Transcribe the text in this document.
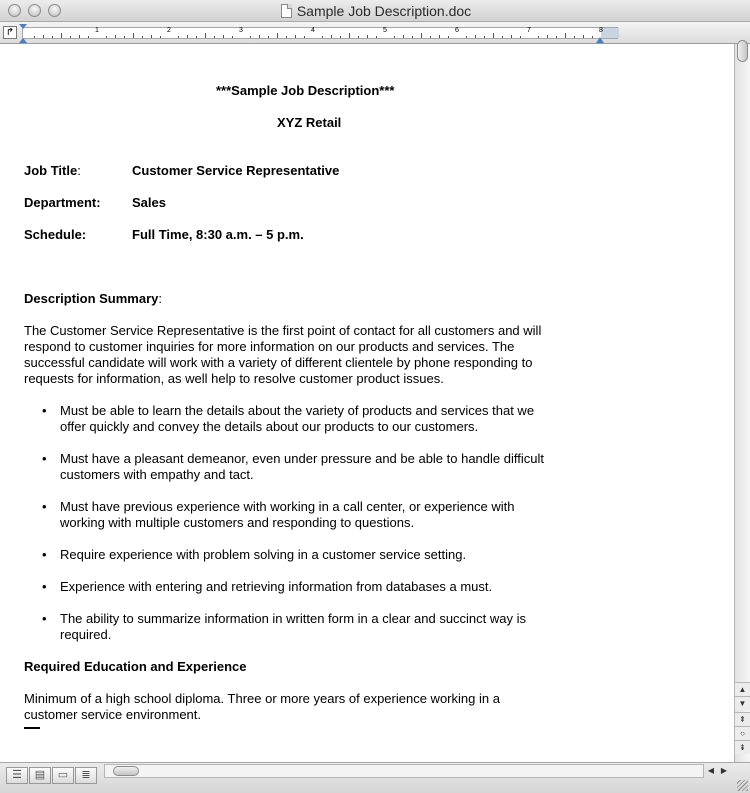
Sample Job Description.doc
↱	1	2	3	4	5	6	7	8
***Sample Job Description***
XYZ Retail
Job Title:	Customer Service Representative
Department: Sales
Schedule:	Full Time, 8:30 a.m. – 5 p.m.
Description Summary:
The Customer Service Representative is the first point of contact for all customers and will
respond to customer inquiries for more information on our products and services. The
successful candidate will work with a variety of different clientele by phone responding to
requests for information, as well help to resolve customer product issues.
• Must be able to learn the details about the variety of products and services that we
offer quickly and convey the details about our products to our customers.
• Must have a pleasant demeanor, even under pressure and be able to handle difficult
customers with empathy and tact.
• Must have previous experience with working in a call center, or experience with
working with multiple customers and responding to questions.
• Require experience with problem solving in a customer service setting.
• Experience with entering and retrieving information from databases a must.
• The ability to summarize information in written form in a clear and succinct way is
required.
Required Education and Experience
Minimum of a high school diploma. Three or more years of experience working in a
customer service environment.
▲
▼
⇞
○
⇟
☰	▤	▭	≣	◀ ▶
